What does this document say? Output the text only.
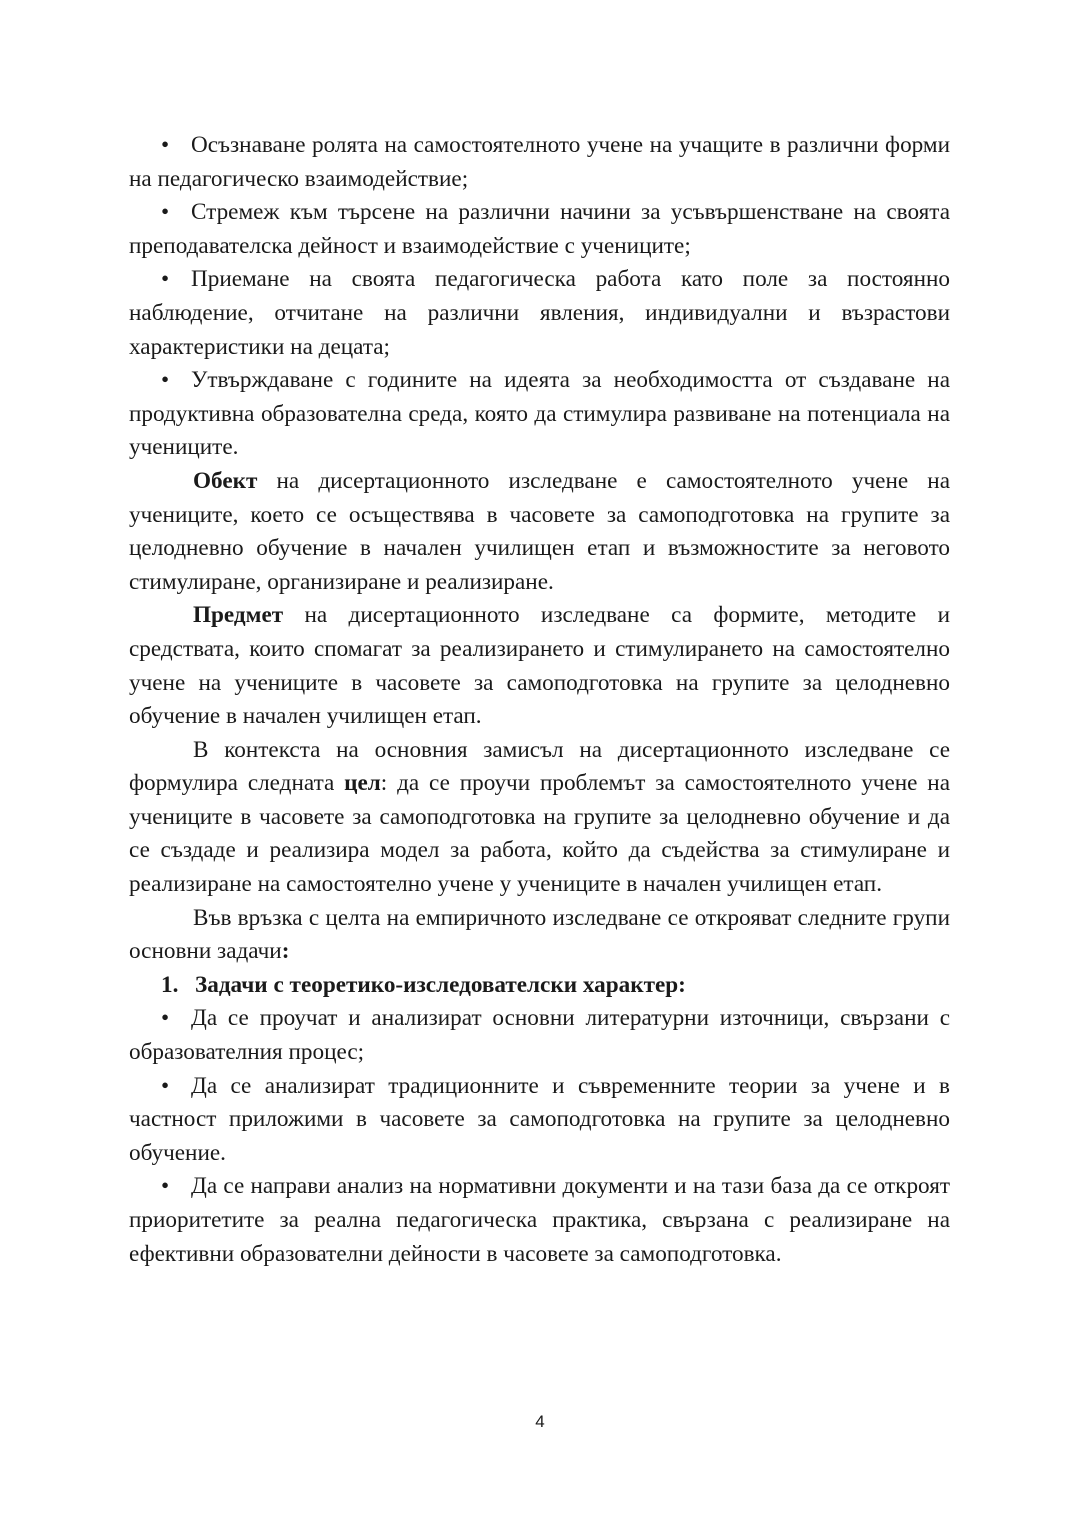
• Осъзнаване ролята на самостоятелното учене на учащите в различни форми на педагогическо взаимодействие;

• Стремеж към търсене на различни начини за усъвършенстване на своята преподавателска дейност и взаимодействие с учениците;

• Приемане на своята педагогическа работа като поле за постоянно наблюдение, отчитане на различни явления, индивидуални и възрастови характеристики на децата;

• Утвърждаване с годините на идеята за необходимостта от създаване на продуктивна образователна среда, която да стимулира развиване на потенциала на учениците.

Обект на дисертационното изследване е самостоятелното учене на учениците, което се осъществява в часовете за самоподготовка на групите за целодневно обучение в начален училищен етап и възможностите за неговото стимулиране, организиране и реализиране.

Предмет на дисертационното изследване са формите, методите и средствата, които спомагат за реализирането и стимулирането на самостоятелно учене на учениците в часовете за самоподготовка на групите за целодневно обучение в начален училищен етап.

В контекста на основния замисъл на дисертационното изследване се формулира следната цел: да се проучи проблемът за самостоятелното учене на учениците в часовете за самоподготовка на групите за целодневно обучение и да се създаде и реализира модел за работа, който да съдейства за стимулиране и реализиране на самостоятелно учене у учениците в начален училищен етап.

Във връзка с целта на емпиричното изследване се открояват следните групи основни задачи:

1. Задачи с теоретико-изследователски характер:

• Да се проучат и анализират основни литературни източници, свързани с образователния процес;

• Да се анализират традиционните и съвременните теории за учене и в частност приложими в часовете за самоподготовка на групите за целодневно обучение.

• Да се направи анализ на нормативни документи и на тази база да се откроят приоритетите за реална педагогическа практика, свързана с реализиране на ефективни образователни дейности в часовете за самоподготовка.

4
